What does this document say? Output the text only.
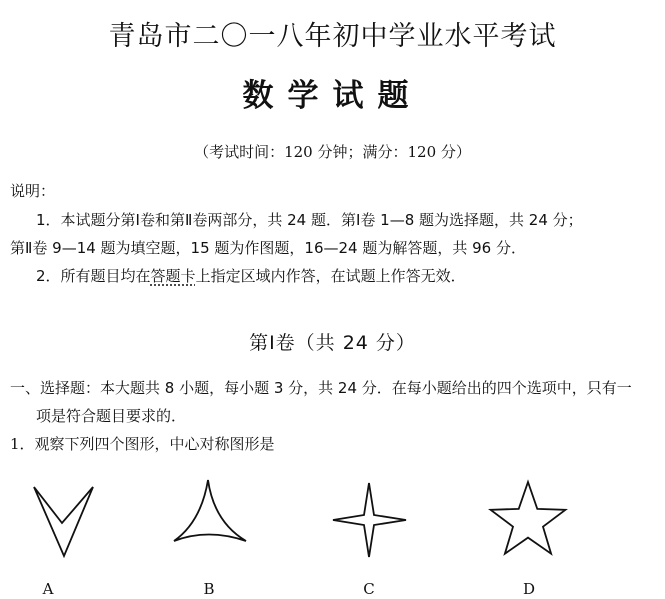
青岛市二〇一八年初中学业水平考试
数学试题
（考试时间：120 分钟；满分：120 分）
说明：
1．本试题分第Ⅰ卷和第Ⅱ卷两部分，共 24 题．第Ⅰ卷 1—8 题为选择题，共 24 分；
第Ⅱ卷 9—14 题为填空题，15 题为作图题，16—24 题为解答题，共 96 分．
2．所有题目均在答题卡上指定区域内作答，在试题上作答无效．
第Ⅰ卷（共 24 分）
一、选择题：本大题共 8 小题，每小题 3 分，共 24 分．在每小题给出的四个选项中，只有一
项是符合题目要求的．
1．观察下列四个图形，中心对称图形是
A	B	C	D
